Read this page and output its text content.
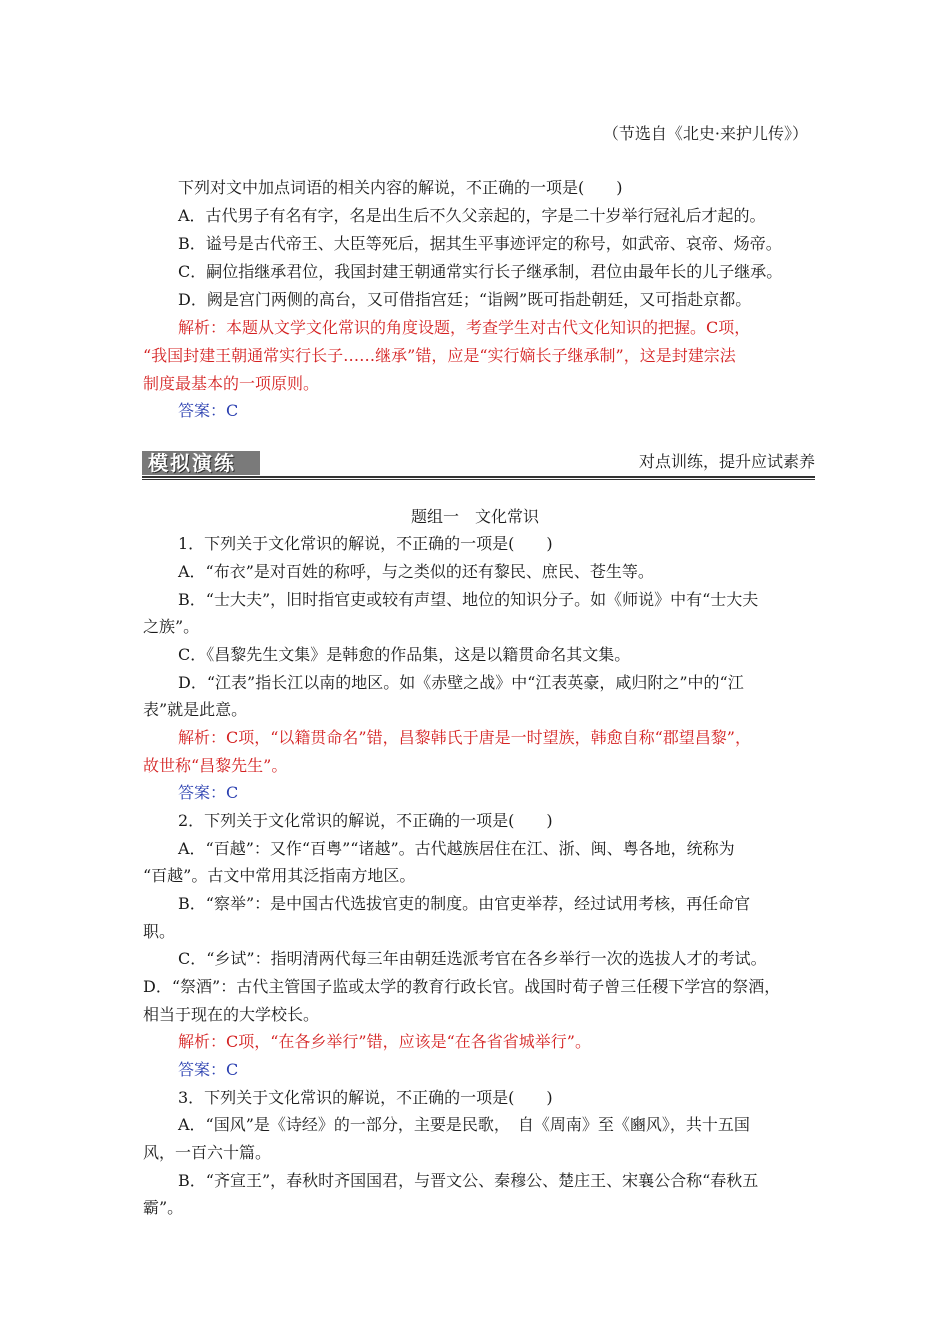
（节选自《北史·来护儿传》）
下列对文中加点词语的相关内容的解说，不正确的一项是(　　)
A．古代男子有名有字，名是出生后不久父亲起的，字是二十岁举行冠礼后才起的。
B．谥号是古代帝王、大臣等死后，据其生平事迹评定的称号，如武帝、哀帝、炀帝。
C．嗣位指继承君位，我国封建王朝通常实行长子继承制，君位由最年长的儿子继承。
D．阙是宫门两侧的高台，又可借指宫廷；“诣阙”既可指赴朝廷，又可指赴京都。
解析：本题从文学文化常识的角度设题，考查学生对古代文化知识的把握。C项，
“我国封建王朝通常实行长子……继承”错，应是“实行嫡长子继承制”，这是封建宗法
制度最基本的一项原则。
答案：C
模拟演练	对点训练，提升应试素养
题组一　文化常识
1．下列关于文化常识的解说，不正确的一项是(　　)
A．“布衣”是对百姓的称呼，与之类似的还有黎民、庶民、苍生等。
B．“士大夫”，旧时指官吏或较有声望、地位的知识分子。如《师说》中有“士大夫
之族”。
C．《昌黎先生文集》是韩愈的作品集，这是以籍贯命名其文集。
D．“江表”指长江以南的地区。如《赤壁之战》中“江表英豪，咸归附之”中的“江
表”就是此意。
解析：C项，“以籍贯命名”错，昌黎韩氏于唐是一时望族，韩愈自称“郡望昌黎”，
故世称“昌黎先生”。
答案：C
2．下列关于文化常识的解说，不正确的一项是(　　)
A．“百越”：又作“百粤”“诸越”。古代越族居住在江、浙、闽、粤各地，统称为
“百越”。古文中常用其泛指南方地区。
B．“察举”：是中国古代选拔官吏的制度。由官吏举荐，经过试用考核，再任命官
职。
C．“乡试”：指明清两代每三年由朝廷选派考官在各乡举行一次的选拔人才的考试。
D．“祭酒”：古代主管国子监或太学的教育行政长官。战国时荀子曾三任稷下学宫的祭酒，
相当于现在的大学校长。
解析：C项，“在各乡举行”错，应该是“在各省省城举行”。
答案：C
3．下列关于文化常识的解说，不正确的一项是(　　)
A．“国风”是《诗经》的一部分，主要是民歌，　自《周南》至《豳风》，共十五国
风，一百六十篇。
B．“齐宣王”，春秋时齐国国君，与晋文公、秦穆公、楚庄王、宋襄公合称“春秋五
霸”。
